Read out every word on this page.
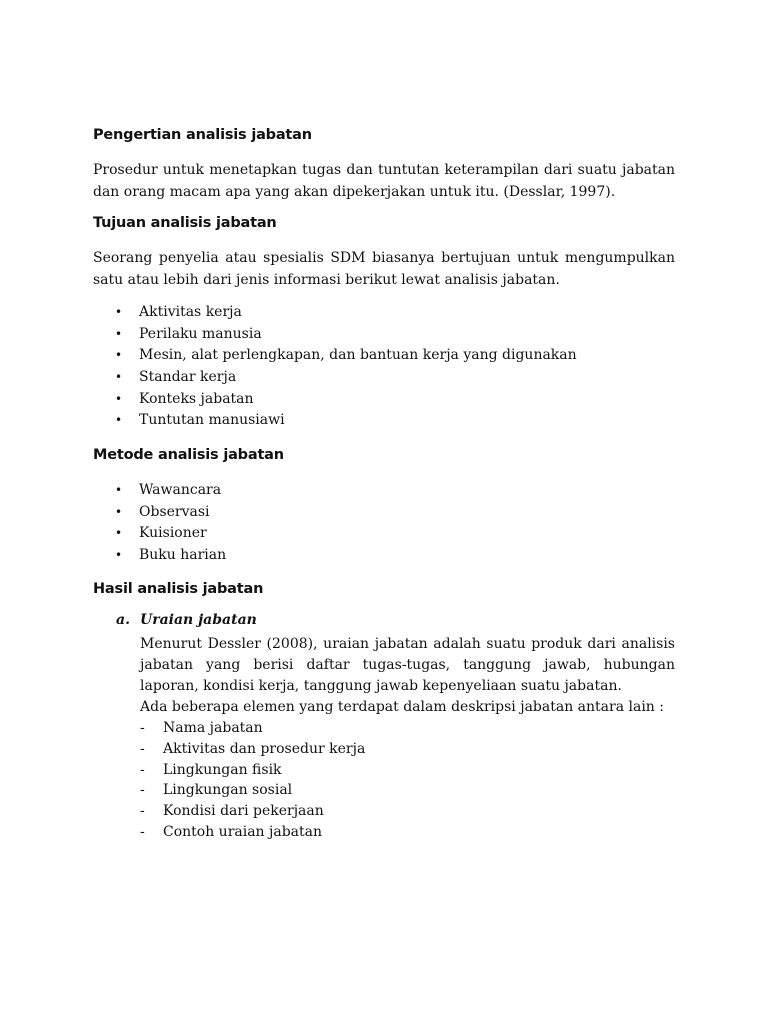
Pengertian analisis jabatan
Prosedur untuk menetapkan tugas dan tuntutan keterampilan dari suatu jabatan dan orang macam apa yang akan dipekerjakan untuk itu. (Desslar, 1997).
Tujuan analisis jabatan
Seorang penyelia atau spesialis SDM biasanya bertujuan untuk mengumpulkan satu atau lebih dari jenis informasi berikut lewat analisis jabatan.
• Aktivitas kerja
• Perilaku manusia
• Mesin, alat perlengkapan, dan bantuan kerja yang digunakan
• Standar kerja
• Konteks jabatan
• Tuntutan manusiawi
Metode analisis jabatan
• Wawancara
• Observasi
• Kuisioner
• Buku harian
Hasil analisis jabatan
a. Uraian jabatan
Menurut Dessler (2008), uraian jabatan adalah suatu produk dari analisis jabatan yang berisi daftar tugas-tugas, tanggung jawab, hubungan laporan, kondisi kerja, tanggung jawab kepenyeliaan suatu jabatan.
Ada beberapa elemen yang terdapat dalam deskripsi jabatan antara lain :
- Nama jabatan
- Aktivitas dan prosedur kerja
- Lingkungan fisik
- Lingkungan sosial
- Kondisi dari pekerjaan
- Contoh uraian jabatan
